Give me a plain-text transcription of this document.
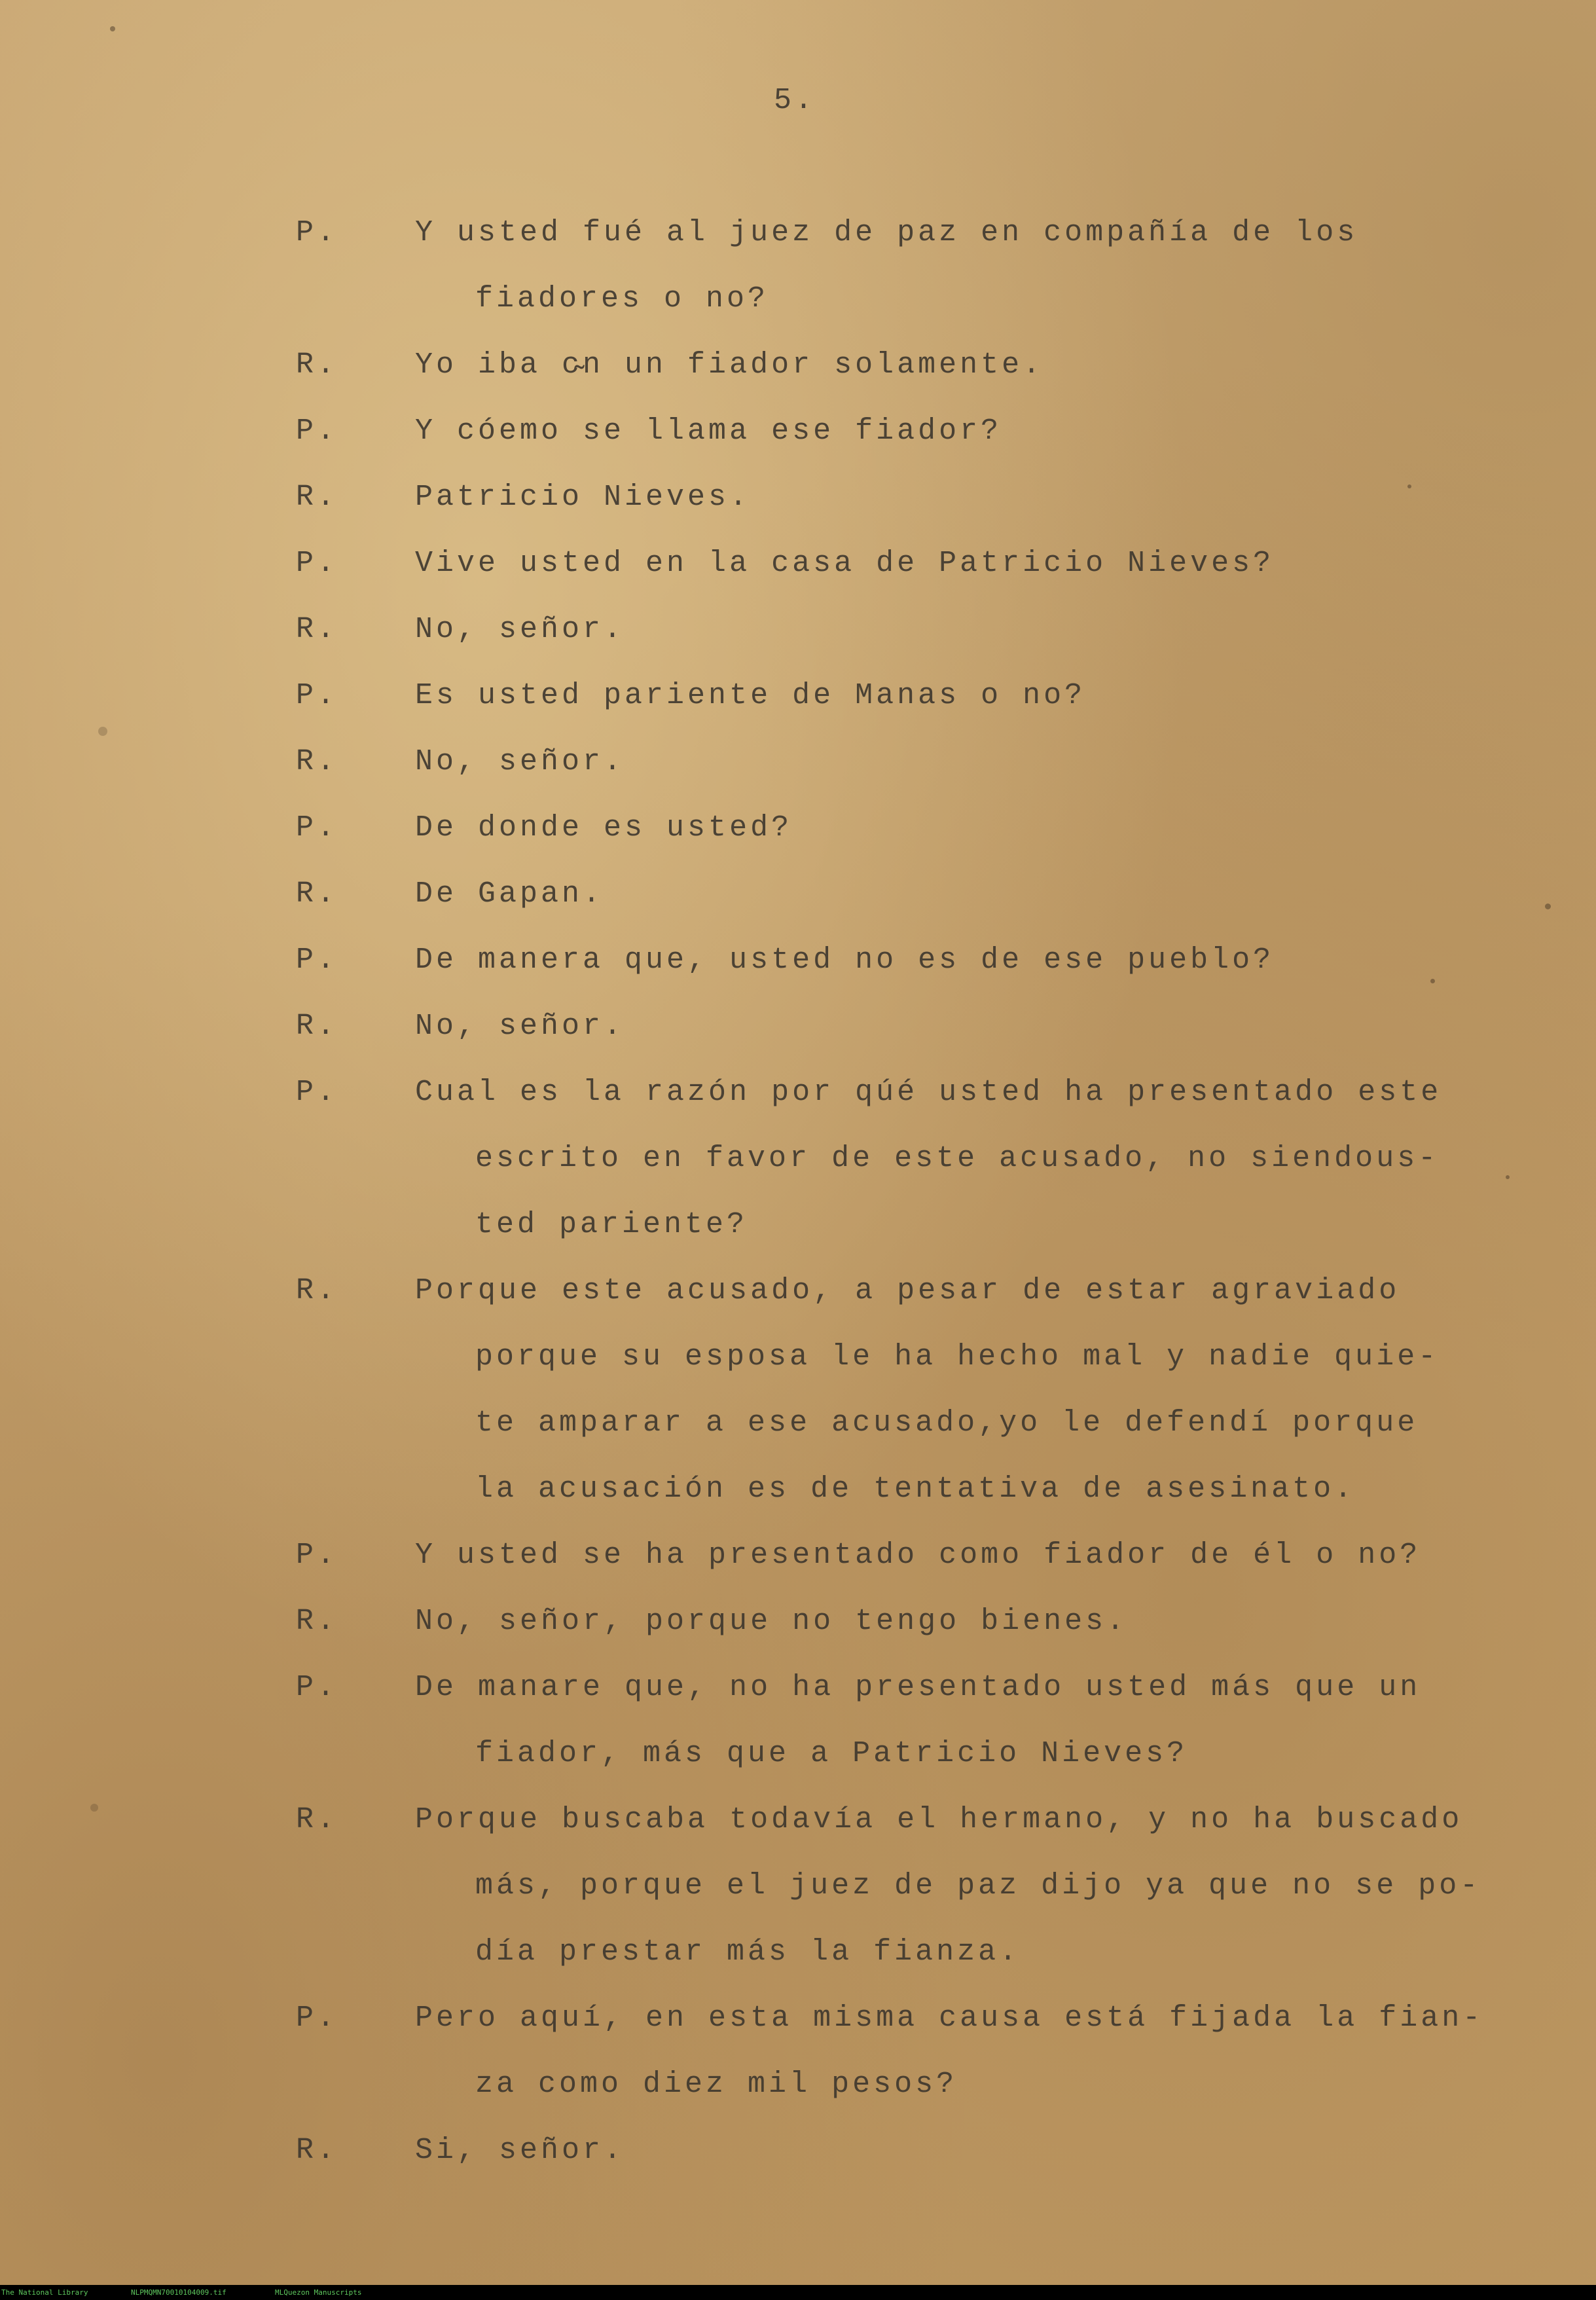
5.
P.	Y usted fué al juez de paz en compañía de los
fiadores o no?
R.	Yo iba c̴n un fiador solamente.
P.	Y cóemo se llama ese fiador?
R.	Patricio Nieves.
P.	Vive usted en la casa de Patricio Nieves?
R.	No, señor.
P.	Es usted pariente de Manas o no?
R.	No, señor.
P.	De donde es usted?
R.	De Gapan.
P.	De manera que, usted no es de ese pueblo?
R.	No, señor.
P.	Cual es la razón por qúé usted ha presentado este
escrito en favor de este acusado, no siendous-
ted pariente?
R.	Porque este acusado, a pesar de estar agraviado
porque su esposa le ha hecho mal y nadie quie-
te amparar a ese acusado,yo le defendí porque
la acusación es de tentativa de asesinato.
P.	Y usted se ha presentado como fiador de él o no?
R.	No, señor, porque no tengo bienes.
P.	De manare que, no ha presentado usted más que un
fiador, más que a Patricio Nieves?
R.	Porque buscaba todavía el hermano, y no ha buscado
más, porque el juez de paz dijo ya que no se po-
día prestar más la fianza.
P.	Pero aquí, en esta misma causa está fijada la fian-
za como diez mil pesos?
R.	Si, señor.
The National Library	NLPMQMN70010104009.tif	MLQuezon Manuscripts
